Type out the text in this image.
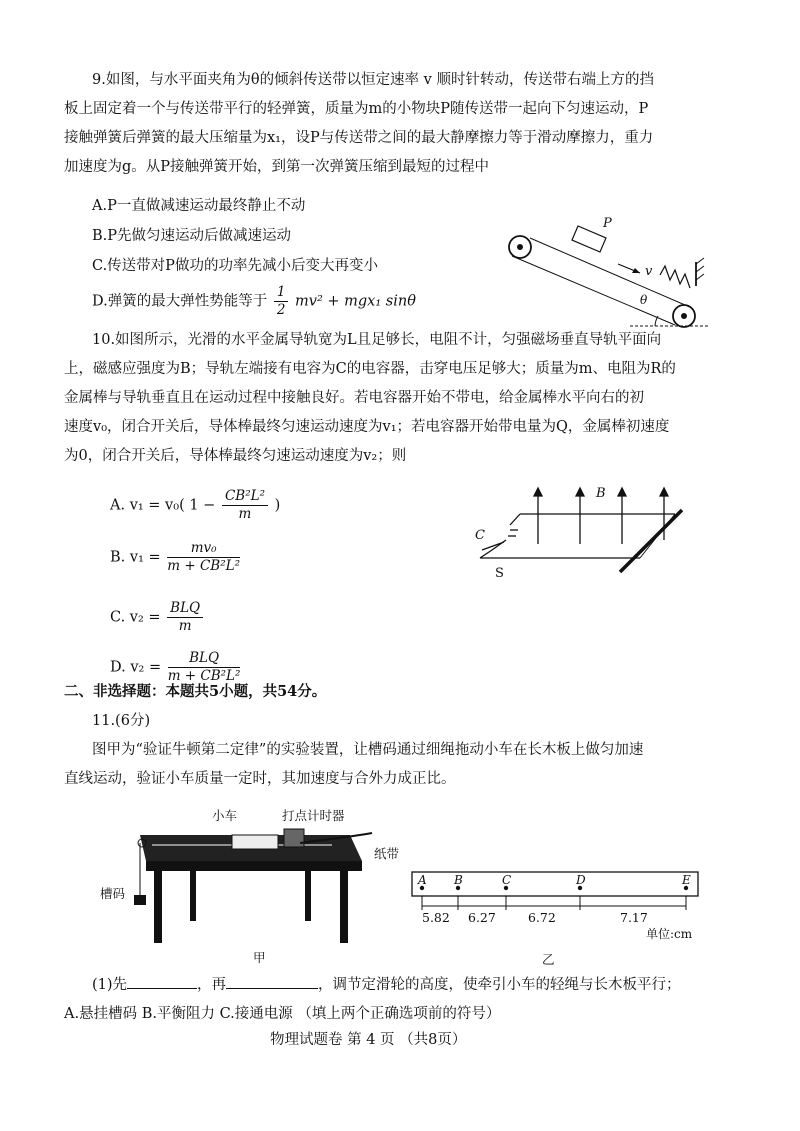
9.如图，与水平面夹角为θ的倾斜传送带以恒定速率 v 顺时针转动，传送带右端上方的挡
板上固定着一个与传送带平行的轻弹簧，质量为m的小物块P随传送带一起向下匀速运动，P
接触弹簧后弹簧的最大压缩量为x₁，设P与传送带之间的最大静摩擦力等于滑动摩擦力，重力
加速度为g。从P接触弹簧开始，到第一次弹簧压缩到最短的过程中
A.P一直做减速运动最终静止不动
B.P先做匀速运动后做减速运动
C.传送带对P做功的功率先减小后变大再变小
D.弹簧的最大弹性势能等于 $\frac{1}{2} mv^2 + mgx_1$ sinθ
P
v
θ
10.如图所示，光滑的水平金属导轨宽为L且足够长，电阻不计，匀强磁场垂直导轨平面向
上，磁感应强度为B；导轨左端接有电容为C的电容器，击穿电压足够大；质量为m、电阻为R的
金属棒与导轨垂直且在运动过程中接触良好。若电容器开始不带电，给金属棒水平向右的初
速度v₀，闭合开关后，导体棒最终匀速运动速度为v₁；若电容器开始带电量为Q，金属棒初速度
为0，闭合开关后，导体棒最终匀速运动速度为v₂；则
A. v₁ = v₀( $1 - \frac{\text{CB²L²}}{m}$ )
B. $v_1 = \frac{\text{mv₀}}{\text{m + CB²L²}}$
C. $v_2 = \frac{\text{BLQ}}{m}$
D. $v_2 = \frac{\text{BLQ}}{\text{m + CB²L²}}$
B
C
S
二、非选择题：本题共5小题，共54分。
11.(6分)
图甲为“验证牛顿第二定律”的实验装置，让槽码通过细绳拖动小车在长木板上做匀加速
直线运动，验证小车质量一定时，其加速度与合外力成正比。
小车	打点计时器
纸带
槽码
甲
A B	C	D	E
5.82 6.27	6.72	7.17
单位:cm
乙
(1)先	，再	，调节定滑轮的高度，使牵引小车的轻绳与长木板平行；
A.悬挂槽码 B.平衡阻力 C.接通电源 （填上两个正确选项前的符号）
物理试题卷 第 4 页 （共8页）
